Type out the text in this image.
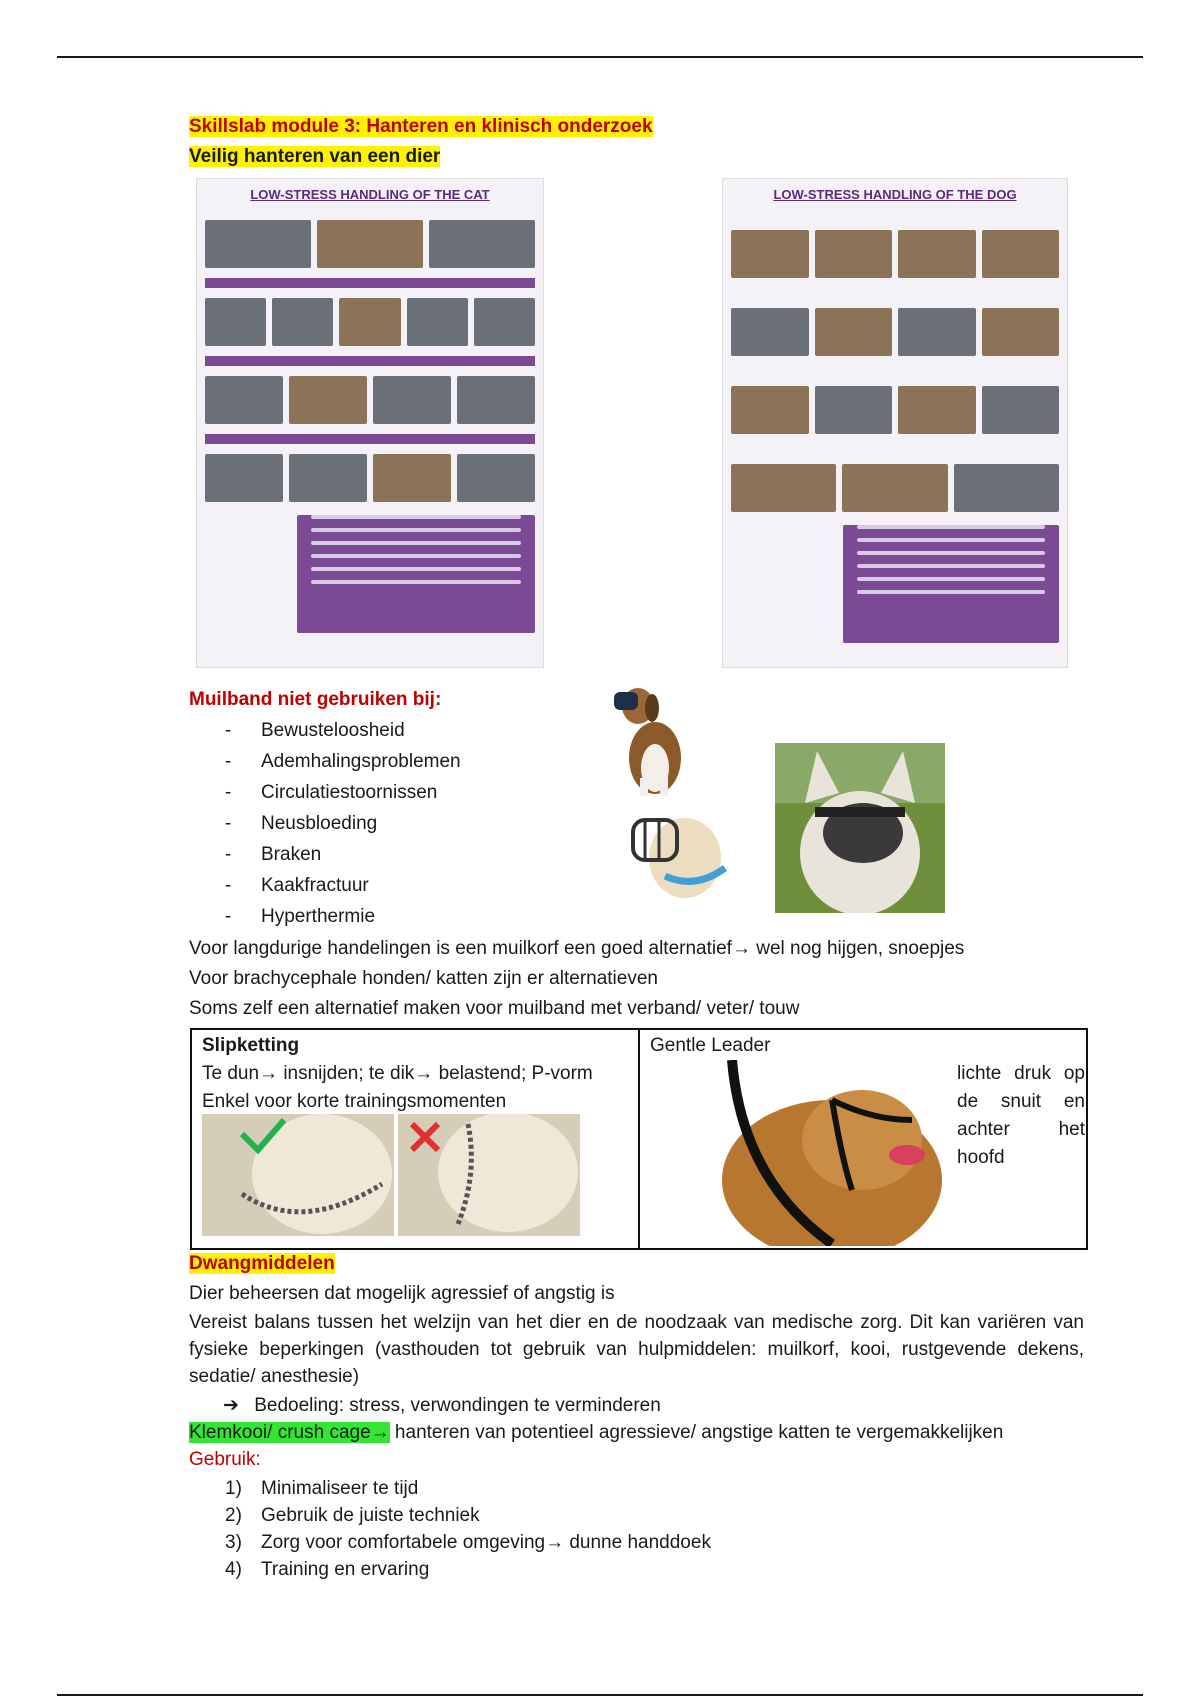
Skillslab module 3: Hanteren en klinisch onderzoek
Veilig hanteren van een dier
LOW-STRESS HANDLING OF THE CAT	LOW-STRESS HANDLING OF THE DOG
Muilband niet gebruiken bij:
- Bewusteloosheid
- Ademhalingsproblemen
- Circulatiestoornissen
- Neusbloeding
- Braken
- Kaakfractuur
- Hyperthermie
Voor langdurige handelingen is een muilkorf een goed alternatief→ wel nog hijgen, snoepjes
Voor brachycephale honden/ katten zijn er alternatieven
Soms zelf een alternatief maken voor muilband met verband/ veter/ touw
Slipketting
Te dun→ insnijden; te dik→ belastend; P-vorm
Enkel voor korte trainingsmomenten
Gentle Leader
lichte druk op de snuit en achter het hoofd
Dwangmiddelen
Dier beheersen dat mogelijk agressief of angstig is
Vereist balans tussen het welzijn van het dier en de noodzaak van medische zorg. Dit kan variëren van fysieke beperkingen (vasthouden tot gebruik van hulpmiddelen: muilkorf, kooi, rustgevende dekens, sedatie/ anesthesie)
➔ Bedoeling: stress, verwondingen te verminderen
Klemkooi/ crush cage→ hanteren van potentieel agressieve/ angstige katten te vergemakkelijken
Gebruik:
1) Minimaliseer te tijd
2) Gebruik de juiste techniek
3) Zorg voor comfortabele omgeving→ dunne handdoek
4) Training en ervaring
